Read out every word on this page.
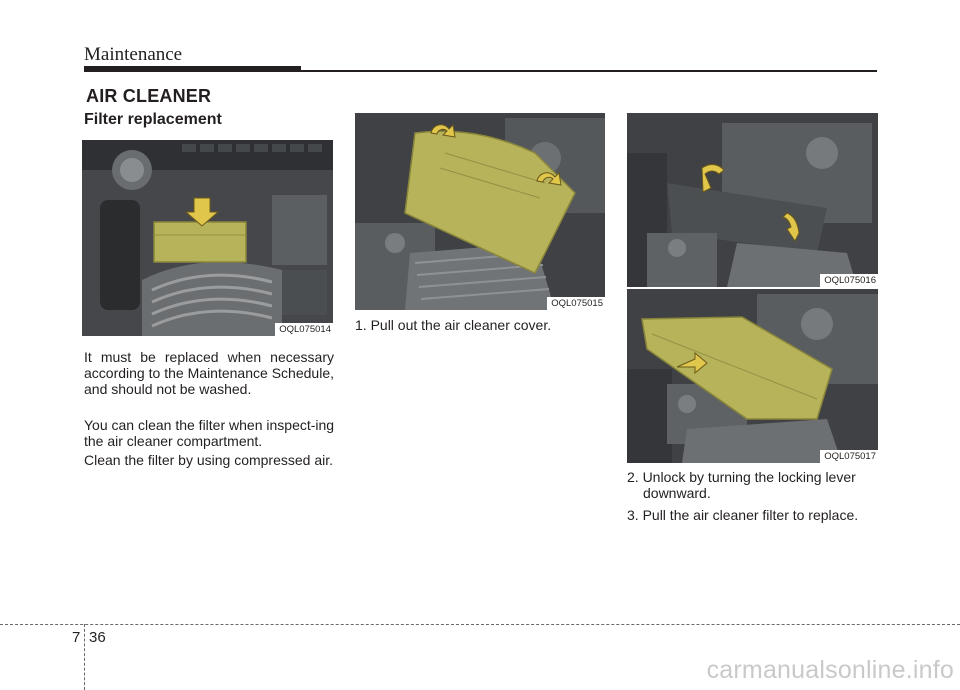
Maintenance
AIR CLEANER
Filter replacement
OQL075014
OQL075015
OQL075016
OQL075017

It must be replaced when necessary according to the Maintenance Schedule, and should not be washed.

You can clean the filter when inspect-ing the air cleaner compartment.

Clean the filter by using compressed air.

1. Pull out the air cleaner cover.

2. Unlock by turning the locking lever downward.

3. Pull the air cleaner filter to replace.

7 36
carmanualsonline.info
